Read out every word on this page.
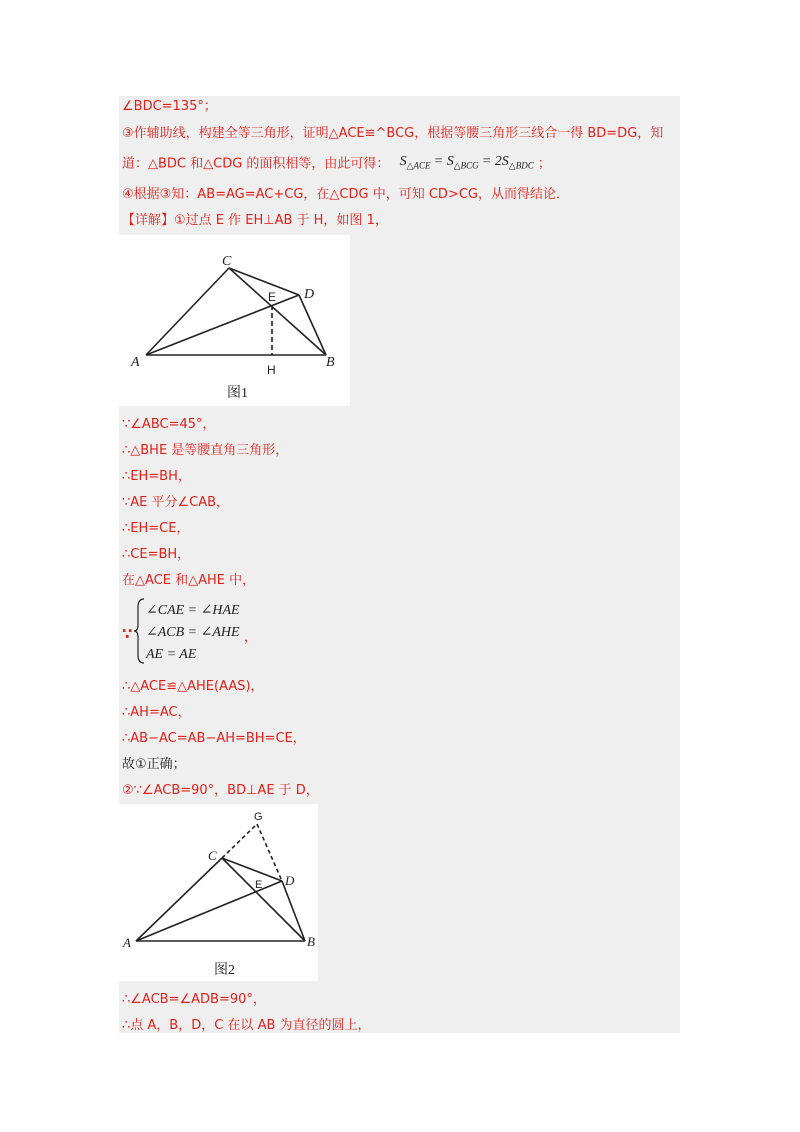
∠BDC=135°；
③作辅助线，构建全等三角形，证明△ACE≌^BCG，根据等腰三角形三线合一得 BD=DG，知
道：△BDC 和△CDG 的面积相等，由此可得： $S_{\triangle ACE} = S_{\triangle BCG} = 2S_{\triangle BDC}$ ；
④根据③知：AB=AG=AC+CG，在△CDG 中，可知 CD>CG，从而得结论．
【详解】①过点 E 作 EH⊥AB 于 H，如图 1，
C
D
A	B
E
H
图1
∵∠ABC=45°，
∴△BHE 是等腰直角三角形，
∴EH=BH，
∵AE 平分∠CAB，
∴EH=CE，
∴CE=BH，
在△ACE 和△AHE 中，
∵
∠CAE = ∠HAE
∠ACB = ∠AHE
AE = AE
，
∴△ACE≌△AHE(AAS)，
∴AH=AC，
∴AB−AC=AB−AH=BH=CE，
故①正确；
②∵∠ACB=90°，BD⊥AE 于 D，
C
D
A	B
G
E
图2
∴∠ACB=∠ADB=90°，
∴点 A，B，D，C 在以 AB 为直径的圆上，
